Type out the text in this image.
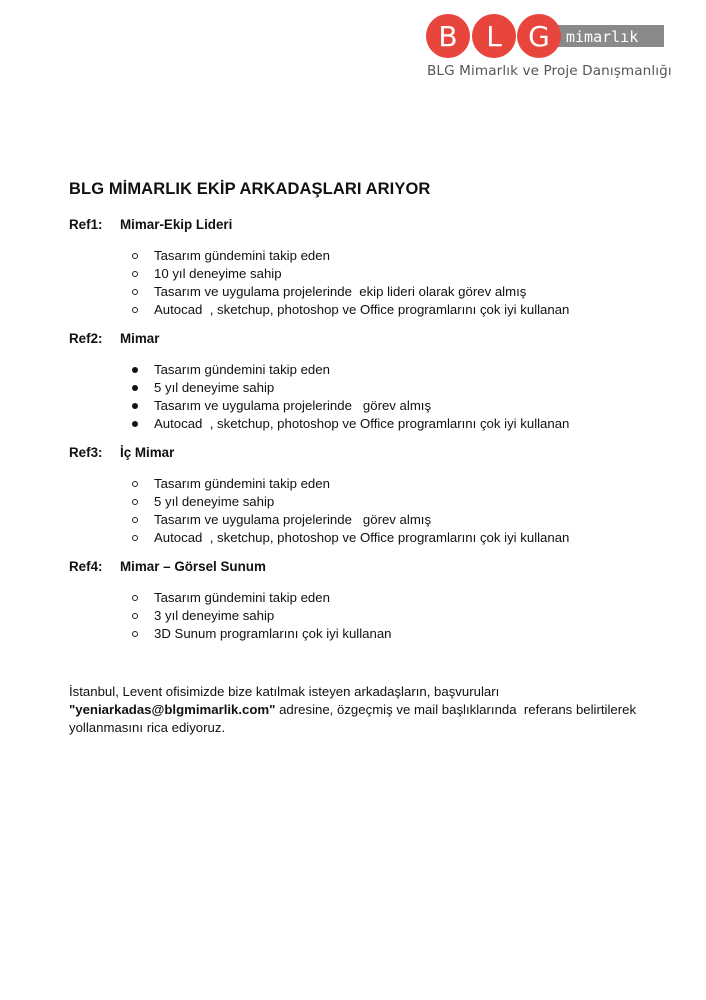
B L G mimarlık
BLG Mimarlık ve Proje Danışmanlığı
BLG MİMARLIK EKİP ARKADAŞLARI ARIYOR
Ref1: Mimar-Ekip Lideri
Tasarım gündemini takip eden
10 yıl deneyime sahip
Tasarım ve uygulama projelerinde  ekip lideri olarak görev almış
Autocad  , sketchup, photoshop ve Office programlarını çok iyi kullanan
Ref2: Mimar
Tasarım gündemini takip eden
5 yıl deneyime sahip
Tasarım ve uygulama projelerinde   görev almış
Autocad  , sketchup, photoshop ve Office programlarını çok iyi kullanan
Ref3: İç Mimar
Tasarım gündemini takip eden
5 yıl deneyime sahip
Tasarım ve uygulama projelerinde   görev almış
Autocad  , sketchup, photoshop ve Office programlarını çok iyi kullanan
Ref4: Mimar – Görsel Sunum
Tasarım gündemini takip eden
3 yıl deneyime sahip
3D Sunum programlarını çok iyi kullanan

İstanbul, Levent ofisimizde bize katılmak isteyen arkadaşların, başvuruları

"yeniarkadas@blgmimarlik.com" adresine, özgeçmiş ve mail başlıklarında  referans belirtilerek

yollanmasını rica ediyoruz.
